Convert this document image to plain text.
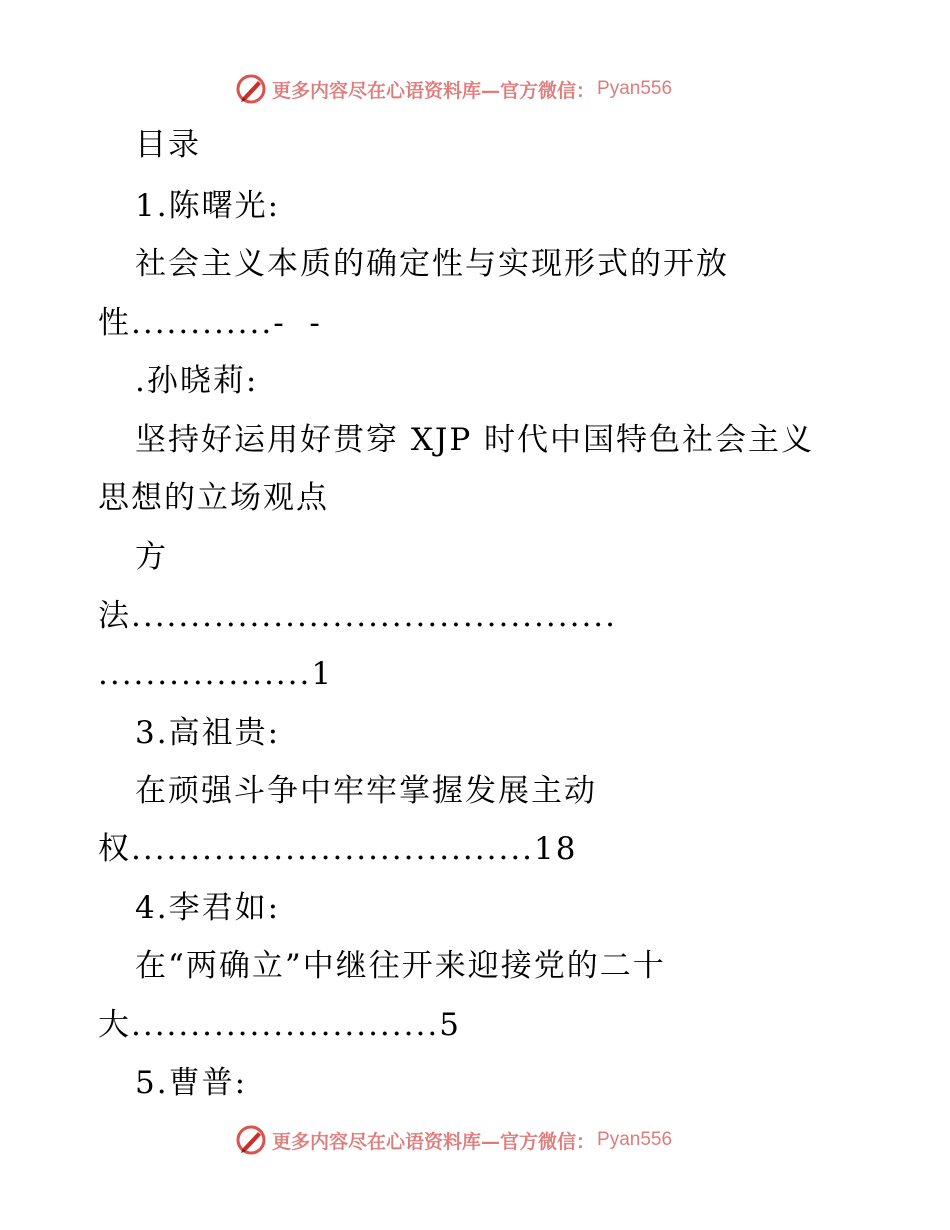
更多内容尽在心语资料库—官方微信： Pyan556
目录
1.陈曙光:
社会主义本质的确定性与实现形式的开放
性............-  -
.孙晓莉:
坚持好运用好贯穿 XJP 时代中国特色社会主义
思想的立场观点
方
法.........................................
..................1
3.高祖贵:
在顽强斗争中牢牢掌握发展主动
权..................................18
4.李君如:
在“两确立”中继往开来迎接党的二十
大..........................5
5.曹普:
更多内容尽在心语资料库—官方微信： Pyan556
